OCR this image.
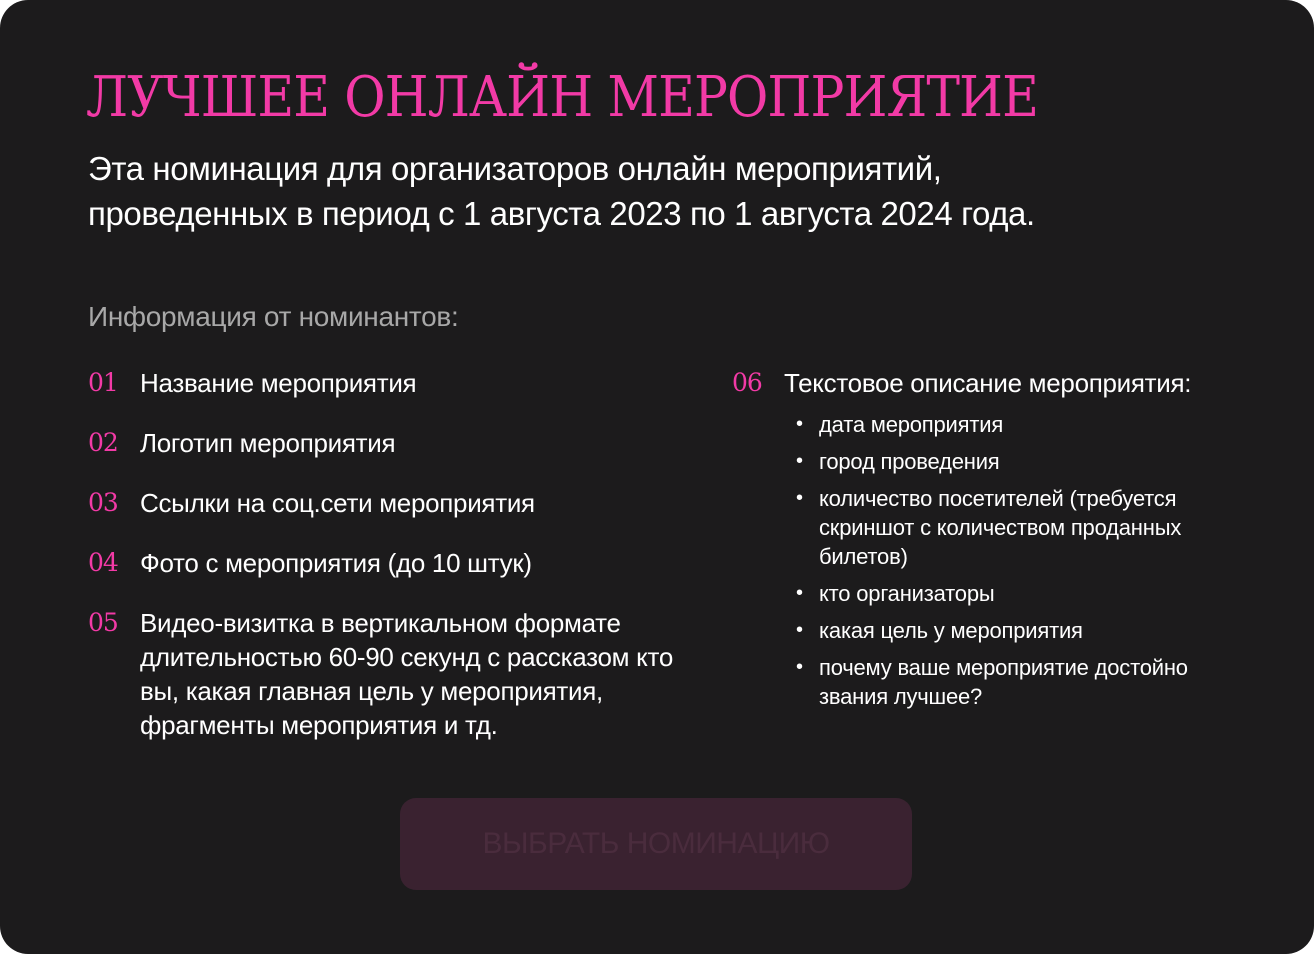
ЛУЧШЕЕ ОНЛАЙН МЕРОПРИЯТИЕ

Эта номинация для организаторов онлайн мероприятий,
проведенных в период с 1 августа 2023 по 1 августа 2024 года.

Информация от номинантов:

01 Название мероприятия
02 Логотип мероприятия
03 Ссылки на соц.сети мероприятия
04 Фото с мероприятия (до 10 штук)
05 Видео-визитка в вертикальном формате длительностью 60-90 секунд с рассказом кто вы, какая главная цель у мероприятия, фрагменты мероприятия и тд.
06 Текстовое описание мероприятия:
• дата мероприятия
• город проведения
• количество посетителей (требуется скриншот с количеством проданных билетов)
• кто организаторы
• какая цель у мероприятия
• почему ваше мероприятие достойно звания лучшее?
ВЫБРАТЬ НОМИНАЦИЮ
